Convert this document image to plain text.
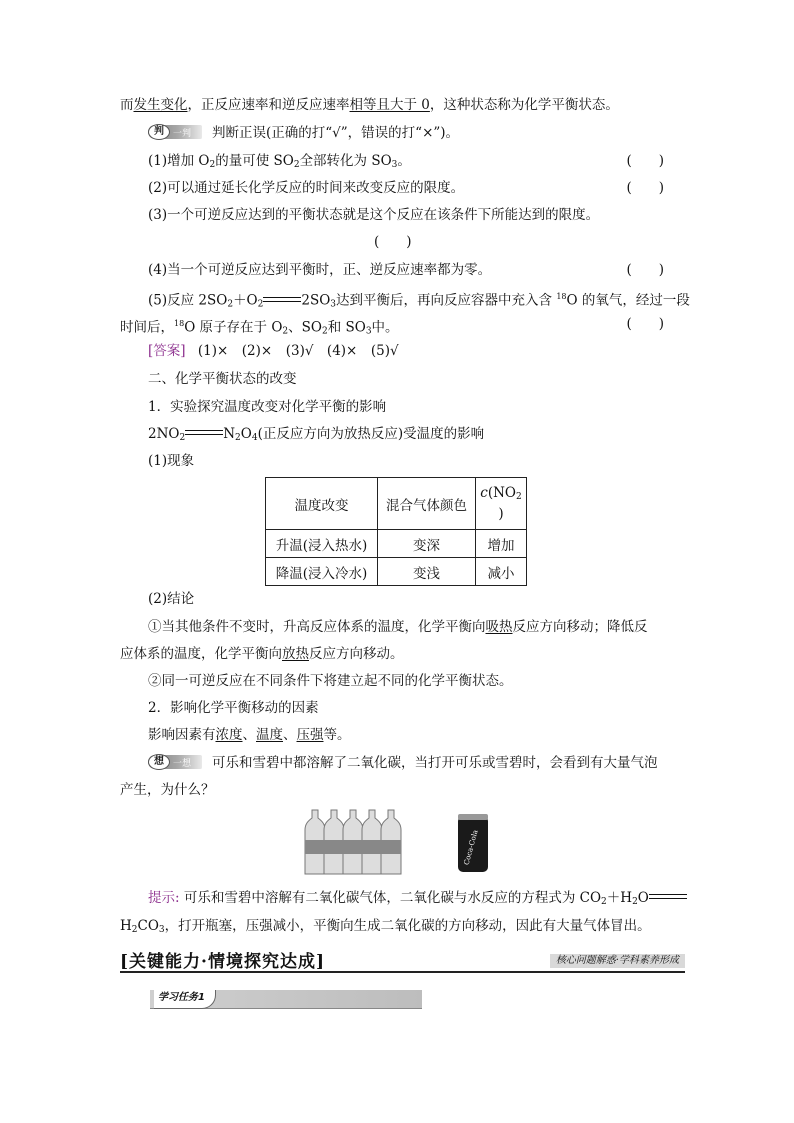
而发生变化，正反应速率和逆反应速率相等且大于 0，这种状态称为化学平衡状态。
判	一判 判断正误(正确的打“√”，错误的打“×”)。
(1)增加 $O_2$的量可使 $SO_2$全部转化为 $SO_3$。	(　　)
(2)可以通过延长化学反应的时间来改变反应的限度。	(　　)
(3)一个可逆反应达到的平衡状态就是这个反应在该条件下所能达到的限度。
(　　)
(4)当一个可逆反应达到平衡时，正、逆反应速率都为零。	(　　)
(5)反应 $2SO_2+O_2$	$2SO_3$达到平衡后，再向反应容器中充入含 $^{18}$O 的氧气，经过一段
时间后，$^{18}$O 原子存在于 $O_2$、$SO_2$和 $SO_3$中。	(　　)
[答案] (1)×　(2)×　(3)√　(4)×　(5)√
二、化学平衡状态的改变
1．实验探究温度改变对化学平衡的影响
$2NO_2$	$N_2O_4$(正反应方向为放热反应)受温度的影响
(1)现象
温度改变	混合气体颜色	$c(NO_2$
)
升温(浸入热水)	变深	增加
降温(浸入冷水)	变浅	减小
(2)结论
①当其他条件不变时，升高反应体系的温度，化学平衡向吸热反应方向移动；降低反
应体系的温度，化学平衡向放热反应方向移动。
②同一可逆反应在不同条件下将建立起不同的化学平衡状态。
2．影响化学平衡移动的因素
影响因素有浓度、温度、压强等。
想	一想 可乐和雪碧中都溶解了二氧化碳，当打开可乐或雪碧时，会看到有大量气泡
产生，为什么？
Coca-Cola
提示: 可乐和雪碧中溶解有二氧化碳气体，二氧化碳与水反应的方程式为 $CO_2+H_2O$
$H_2CO_3$，打开瓶塞，压强减小，平衡向生成二氧化碳的方向移动，因此有大量气体冒出。
[关键能力·情境探究达成]	核心问题解惑·学科素养形成
学习任务1
